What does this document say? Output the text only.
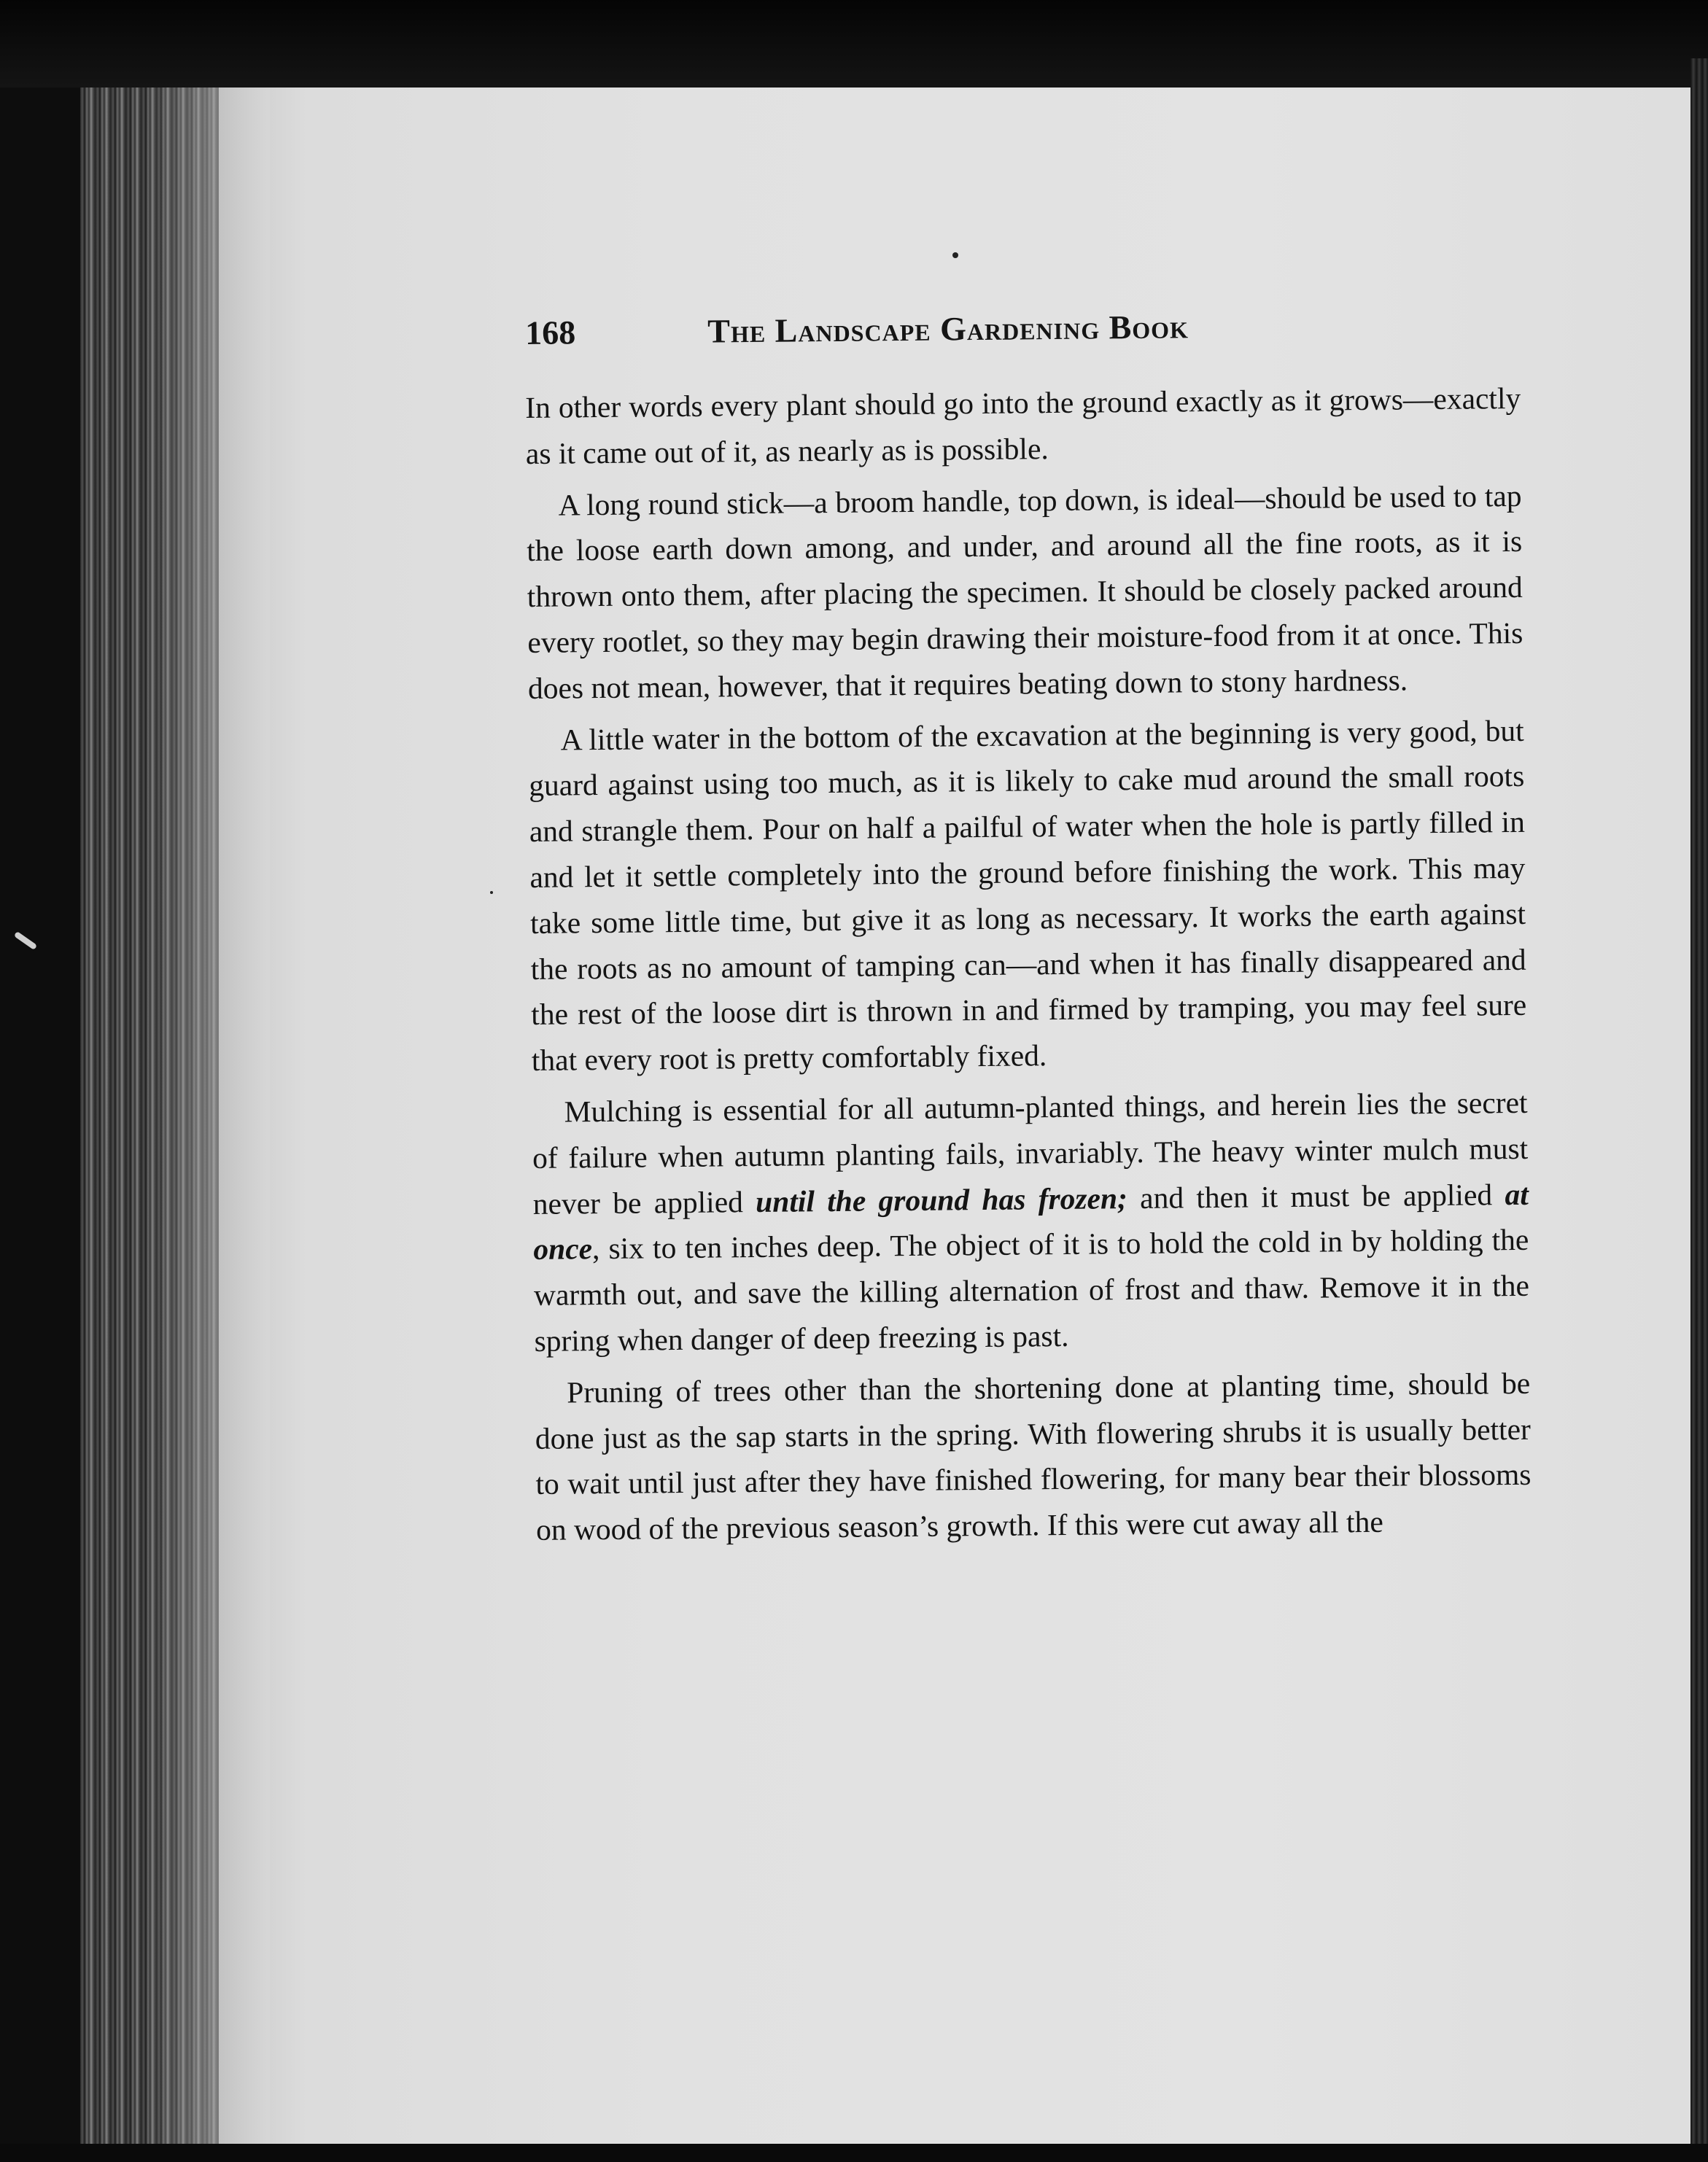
168	The Landscape Gardening Book

In other words every plant should go into the ground exactly as it grows—exactly as it came out of it, as nearly as is possible.

A long round stick—a broom handle, top down, is ideal—should be used to tap the loose earth down among, and under, and around all the fine roots, as it is thrown onto them, after placing the specimen. It should be closely packed around every rootlet, so they may begin drawing their moisture-food from it at once. This does not mean, however, that it requires beating down to stony hardness.

A little water in the bottom of the excavation at the beginning is very good, but guard against using too much, as it is likely to cake mud around the small roots and strangle them. Pour on half a pailful of water when the hole is partly filled in and let it settle completely into the ground before finishing the work. This may take some little time, but give it as long as necessary. It works the earth against the roots as no amount of tamping can—and when it has finally disappeared and the rest of the loose dirt is thrown in and firmed by tramping, you may feel sure that every root is pretty comfortably fixed.

Mulching is essential for all autumn-planted things, and herein lies the secret of failure when autumn planting fails, invariably. The heavy winter mulch must never be applied until the ground has frozen; and then it must be applied at once, six to ten inches deep. The object of it is to hold the cold in by holding the warmth out, and save the killing alternation of frost and thaw. Remove it in the spring when danger of deep freezing is past.

Pruning of trees other than the shortening done at planting time, should be done just as the sap starts in the spring. With flowering shrubs it is usually better to wait until just after they have finished flowering, for many bear their blossoms on wood of the previous season’s growth. If this were cut away all the
